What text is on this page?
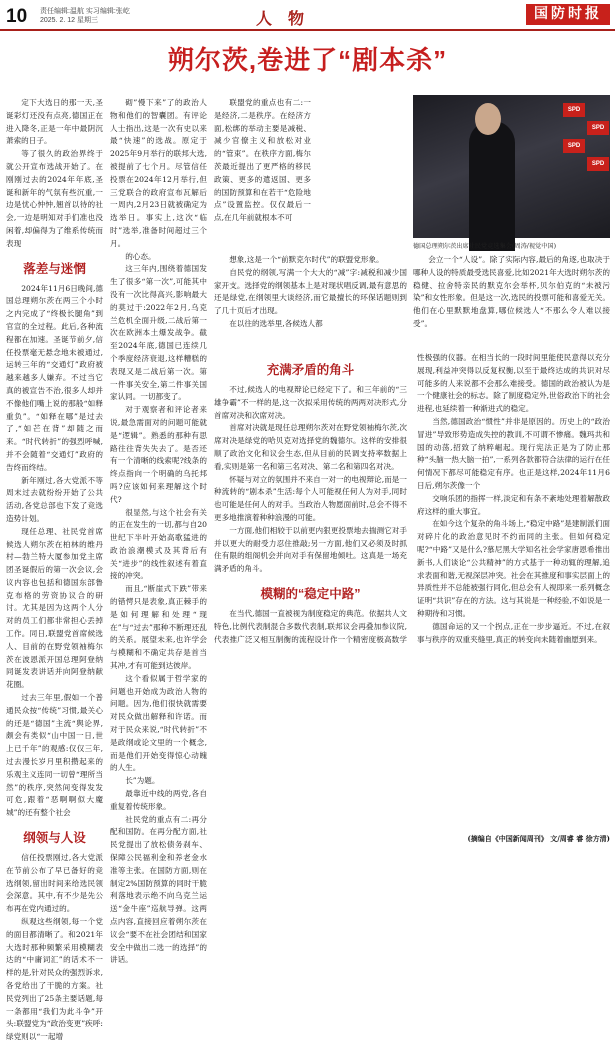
10 责任编辑:温航 实习编辑:张屹
2025. 2. 12 星期三	人 物	国防时报
朔尔茨,卷进了“剧本杀”

定下大选日的那一天,圣诞彩灯还没有点亮,德国正在进入降冬,正是一年中最阴沉萧索的日子。

等了很久的政治界终于就公开宣布选战开始了。在刚刚过去的2024年年底,圣诞和新年的气氛有些沉重,一边是忧心忡忡,翘首以待的社会,一边是明知对手们准也没闲着,却偏得为了维系传统而表现

落差与迷惘

2024年11月6日晚间,德国总理朔尔茨在两三个小时之内完成了“终极长腿角”到官宣的全过程。此后,各种流程都在加速。圣诞节前夕,信任投票毫无悬念地未被通过,运转三年的“交通灯”政府被越来越多人嫌弃。不过当它真的被宣告不治,很多人却并不像他们嘴上说的那般“如释重负”。“如释在哪”是过去了,“如芒在背”却随之而来。“时代转折”的强烈呼喊,并不会随着“交通灯”政府的告终而终结。

新年刚过,各大党派不等周末过去就纷纷开始了公共活动,各党总部也下发了竞选造势计划。

现任总理、社民党首席候选人朔尔茨在柏林的维丹村—勃兰特大厦参加党主席团圣诞假后的第一次会议,会议内容也包括和德国东部鲁克布格的劳资协议合的研讨。尤其是因为这两个人分对的员工们都非常担心丢掉工作。同日,联盟党首席候选人、目前的在野党领袖梅尔茨在波恩派开国总理阿登纳同诞发表讲话并向阿登纳献花圈。

过去三年里,假如一个普通民众按“传统”习惯,最关心的还是“德国”主流“舆论界,颇会有类似“山中国一日,世上已千年”的观感:仅仅三年,过去漫长岁月里积攒起来的乐观主义连同一切曾“理所当然”的秩序,突然间变得发发可危,跟着“恶啊啊似大魔城”的还有整个社会

纲领与人设

信任投票刚过,各大党派在节前公布了早已备好的竞选纲领,留出时间来给选民领会深意。其中,有不少是先公布再在党内通过的。

纵观这些纲领,每一个党的面目都清晰了。和2021年大选时那种频繁采用模糊表达的“中庸词汇”的话术不一样的是,针对民众的强烈诉求,各党给出了干脆的方案。社民党列出了25条主要话题,每一条都用“我们为此斗争”开头:联盟党为“政治变更”疾呼:绿党则以“一起增

砌”慢下来”了的政治人物和他们的智囊团。有评论人士指出,这是一次有史以来最“快速”的选战。原定于2025年9月举行的联邦大选,被提前了七个月。尽管信任投票在2024年12月举行,但三党联合的政府宣布瓦解后一周内,2月23日就被确定为选举日。事实上,这次“临时”选举,准备时间超过三个月。

的心态。

这三年内,围绕着德国发生了很多“第一次”,可能其中没有一次比得高兴,影响最大的莫过于:2022年2月,乌克兰危机全面升级,二战后第一次在欧洲本土爆发战争。截至2024年底,德国已连续几个季度经济衰退,这样糟糕的表现又是二战后第一次。第一件事关安全,第二件事关国家认同。一切都变了。

对于观察者和评论者来说,最急需面对的问题可能就是“逻辑”。熟悉的那种有思路往往背失失去了。是否还有一个清晰的线索呢?线条的终点指向一个明确的乌托邦吗?应该如何来理解这个时代?

很显然,与这个社会有关的正在发生的一切,都与自20世纪下半叶开始高歌猛进的政治浪潮模式及其背后有关“进步”的线性叙述有着直接的冲突。

而且,“断崖式下跌”带来的错愕只是表象,真正棘手的是如何理解和处理“现在”与“过去”那种不断理还乱的关系。展望未来,也许学会与模糊和不确定共存是首当其冲,才有可能到达彼岸。

这个看似属于哲学家的问题也开始成为政治人物的问题。因为,他们很快就需要对民众做出解释和许诺。而对于民众来说,“时代转折”不是政纲或论文里的一个概念,而是他们开始变得惊心动魄的人生。

长”为题。

最靠近中线的两党,各自重复着传统形象。

社民党的重点有二:再分配和国防。在再分配方面,社民党提出了放松债务刹车、保障公民福利金和养老金水准等主张。在国防方面,则在制定2%国防预算的同时干脆利落地表示绝不向乌克兰运送“金牛座”巡航导弹。这两点内容,直接回应着朔尔茨在议会“要不在社会团结和国家安全中做出二选一的选择”的讲话。

联盟党的重点也有二:一是经济,二是秩序。在经济方面,松绑的举动主要是减税、减少官僚主义和放松对业的“管束”。在秩序方面,梅尔茨最近提出了更严格的移民政策、更多的遣返国、更多的国防预算和在若干“危险地点”设置监控。仅仅最后一点,在几年前就根本不可

想象,这是一个“前默克尔时代”的联盟党形象。

自民党的纲领,写满一个大大的“减”字:减税和减少国家开支。选择党的纲领基本上是对现状唱反调,最有意思的还是绿党,在纲领里大谈经济,而它最擅长的环保话题则到了几十页后才出现。

在以往的选举里,各候选人都

会立一个“人设”。除了实际内容,最后的角逐,也取决于哪种人设的特质最受选民喜爱,比如2021年大选时朔尔茨的稳健、拉舍特亲民的默克尔会举杯,贝尔伯克的“未被污染”和女性形象。但是这一次,选民的投票可能和喜爱无关。他们在心里默默地盘算,哪位候选人“不那么令人难以接受”。

充满矛盾的角斗

不过,候选人的电视辩论已经定下了。和三年前的“三雄争霸”不一样的是,这一次拟采用传统的两两对决形式,分首席对决和次席对决。

首席对决就是现任总理朔尔茨对在野党领袖梅尔茨,次席对决是绿党的哈贝克对选择党的魏德尔。这样的安排很顺了政治文化和议会生态,但从目前的民调支持率数据上看,实则是第一名和第三名对决、第二名和第四名对决。

怀疑与对立的氛围并不来自一对一的电视辩论,而是一种流转的“剧本杀”生活:每个人可能视任何人为对手,同时也可能是任何人的对手。当政治人物愿面前时,总会不得不更多地推演着种种浪漫的可能。

一方面,他们相较于以前更内狠更投票地去揣测它对手并以更大的耐受力忍住推敲;另一方面,他们又必须及时抓住有限的组阁机会并向对手有保留地倾吐。这真是一场充满矛盾的角斗。

模糊的“稳定中路”

在当代,德国一直被视为制度稳定的典范。依据共人文特色,比例代表制混合多数代表制,联邦议会再叠加参议院,代表推广泛又相互制衡的流程设计作一个精密度极高数学性极强的仪器。在相当长的一段时间里能使民意得以充分展现,利益冲突得以反复权衡,以至于最终达成的共识对尽可能多的人来说都不会那么难接受。德国的政治被认为是一个健康社会的标志。除了制度稳定外,世俗政治下的社会进程,也延续着一种渐进式的稳定。

当然,德国政治“惯性”并非是原因的。历史上的“政治冒进”导致形势造成失控的教训,不可谓不惨痛。魏玛共和国的动荡,招致了纳粹崛起。现行宪法正是为了防止那种“头脑一热大脑一拍”,一系列各款都符合法律的运行在任何情况下都尽可能稳定有序。也正是这样,2024年11月6日后,朔尔茨像一个

交响乐团的指挥一样,淡定和有条不紊地处理着解散政府这样的重大事宜。

在如今这个复杂的角斗场上,“稳定中路”是建制派们面对碎片化的政治意见时不约而同的主张。但如何稳定呢?“中路”又是什么?慕尼黑大学知名社会学家唐恩希推出新书,人们谈论“公共精神”的方式基于一种动辄的理解,追求表面和谐,无视深层冲突。社会在其推度和事实层面上的异质性并不总能被强行同化,但总会有人视即来一系列概念证明“共识”存在的方法。这与其说是一种经验,不如说是一种期待和习惯。

德国命运的又一个拐点,正在一步步逼近。不过,在叙事与秩序的双重夹缝里,真正的转变向未随着幽愿到来。

SPD
SPD
SPD
SPD
德国总理朔尔茨出席社民党竞选集会(周涛/视觉中国)
(摘编自《中国新闻周刊》 文/周睿 睿 徐方清)
